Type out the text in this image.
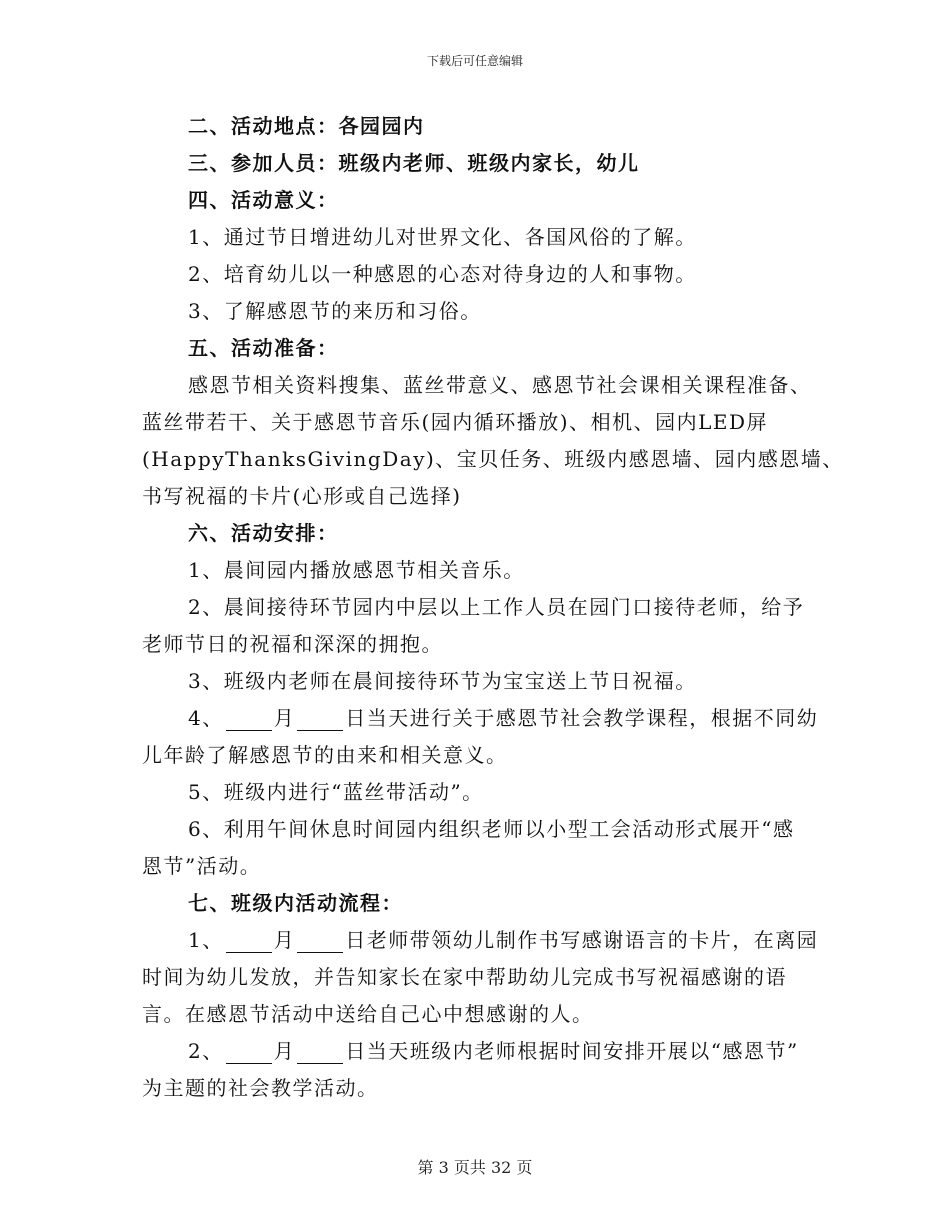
下载后可任意编辑
二、活动地点：各园园内
三、参加人员：班级内老师、班级内家长，幼儿
四、活动意义：
1、通过节日增进幼儿对世界文化、各国风俗的了解。
2、培育幼儿以一种感恩的心态对待身边的人和事物。
3、了解感恩节的来历和习俗。
五、活动准备：
感恩节相关资料搜集、蓝丝带意义、感恩节社会课相关课程准备、
蓝丝带若干、关于感恩节音乐(园内循环播放)、相机、园内LED屏
(HappyThanksGivingDay)、宝贝任务、班级内感恩墙、园内感恩墙、
书写祝福的卡片(心形或自己选择)
六、活动安排：
1、晨间园内播放感恩节相关音乐。
2、晨间接待环节园内中层以上工作人员在园门口接待老师，给予
老师节日的祝福和深深的拥抱。
3、班级内老师在晨间接待环节为宝宝送上节日祝福。
4、	月	日当天进行关于感恩节社会教学课程，根据不同幼
儿年龄了解感恩节的由来和相关意义。
5、班级内进行“蓝丝带活动”。
6、利用午间休息时间园内组织老师以小型工会活动形式展开“感
恩节”活动。
七、班级内活动流程：
1、	月	日老师带领幼儿制作书写感谢语言的卡片，在离园
时间为幼儿发放，并告知家长在家中帮助幼儿完成书写祝福感谢的语
言。在感恩节活动中送给自己心中想感谢的人。
2、	月	日当天班级内老师根据时间安排开展以“感恩节”
为主题的社会教学活动。
第 3 页共 32 页
